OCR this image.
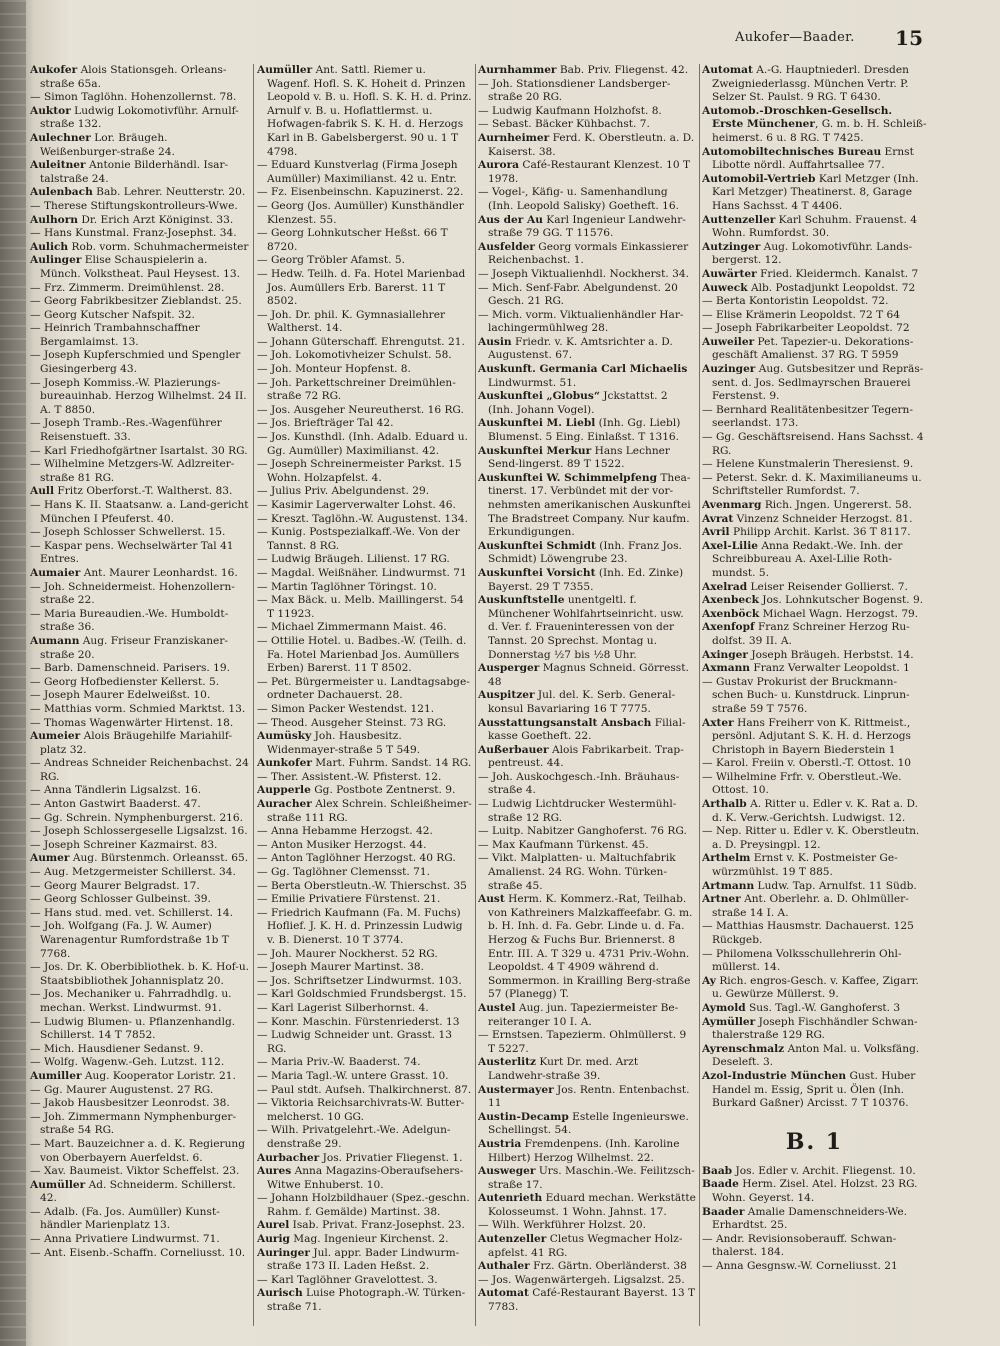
Aukofer—Baader.	15

Aukofer Alois Stationsgeh. Orleans-straße 65a.

— Simon Taglöhn. Hohenzollernst. 78.

Auktor Ludwig Lokomotivführ. Arnulf-straße 132.

Aulechner Lor. Bräugeh. Weißenburger-straße 24.

Auleitner Antonie Bilderhändl. Isar-talstraße 24.

Aulenbach Bab. Lehrer. Neutterstr. 20.

— Therese Stiftungskontrolleurs-Wwe.

Aulhorn Dr. Erich Arzt Königinst. 33.

— Hans Kunstmal. Franz-Josephst. 34.

Aulich Rob. vorm. Schuhmachermeister

Aulinger Elise Schauspielerin a. Münch. Volkstheat. Paul Heysest. 13.

— Frz. Zimmerm. Dreimühlenst. 28.

— Georg Fabrikbesitzer Zieblandst. 25.

— Georg Kutscher Nafspit. 32.

— Heinrich Trambahnschaffner Bergamlaimst. 13.

— Joseph Kupferschmied und Spengler Giesingerberg 43.

— Joseph Kommiss.-W. Plazierungs-bureauinhab. Herzog Wilhelmst. 24 II. A. T 8850.

— Joseph Tramb.-Res.-Wagenführer Reisenstueft. 33.

— Karl Friedhofgärtner Isartalst. 30 RG.

— Wilhelmine Metzgers-W. Adlzreiter-straße 81 RG.

Aull Fritz Oberforst.-T. Waltherst. 83.

— Hans K. II. Staatsanw. a. Land-gericht München I Pfeuferst. 40.

— Joseph Schlosser Schwellerst. 15.

— Kaspar pens. Wechselwärter Tal 41 Entres.

Aumaier Ant. Maurer Leonhardst. 16.

— Joh. Schneidermeist. Hohenzollern-straße 22.

— Maria Bureaudien.-We. Humboldt-straße 36.

Aumann Aug. Friseur Franziskaner-straße 20.

— Barb. Damenschneid. Parisers. 19.

— Georg Hofbedienster Kellerst. 5.

— Joseph Maurer Edelweißst. 10.

— Matthias vorm. Schmied Marktst. 13.

— Thomas Wagenwärter Hirtenst. 18.

Aumeier Alois Bräugehilfe Mariahilf-platz 32.

— Andreas Schneider Reichenbachst. 24 RG.

— Anna Tändlerin Ligsalzst. 16.

— Anton Gastwirt Baaderst. 47.

— Gg. Schrein. Nymphenburgerst. 216.

— Joseph Schlossergeselle Ligsalzst. 16.

— Joseph Schreiner Kazmairst. 83.

Aumer Aug. Bürstenmch. Orleansst. 65.

— Aug. Metzgermeister Schillerst. 34.

— Georg Maurer Belgradst. 17.

— Georg Schlosser Gulbeinst. 39.

— Hans stud. med. vet. Schillerst. 14.

— Joh. Wolfgang (Fa. J. W. Aumer) Warenagentur Rumfordstraße 1b T 7768.

— Jos. Dr. K. Oberbibliothek. b. K. Hof-u. Staatsbibliothek Johannisplatz 20.

— Jos. Mechaniker u. Fahrradhdlg. u. mechan. Werkst. Lindwurmst. 91.

— Ludwig Blumen- u. Pflanzenhandlg. Schillerst. 14 T 7852.

— Mich. Hausdiener Sedanst. 9.

— Wolfg. Wagenw.-Geh. Lutzst. 112.

Aumiller Aug. Kooperator Loristr. 21.

— Gg. Maurer Augustenst. 27 RG.

— Jakob Hausbesitzer Leonrodst. 38.

— Joh. Zimmermann Nymphenburger-straße 54 RG.

— Mart. Bauzeichner a. d. K. Regierung von Oberbayern Auerfeldst. 6.

— Xav. Baumeist. Viktor Scheffelst. 23.

Aumüller Ad. Schneiderm. Schillerst. 42.

— Adalb. (Fa. Jos. Aumüller) Kunst-händler Marienplatz 13.

— Anna Privatiere Lindwurmst. 71.

— Ant. Eisenb.-Schaffn. Corneliusst. 10.

Aumüller Ant. Sattl. Riemer u. Wagenf. Hofl. S. K. Hoheit d. Prinzen Leopold v. B. u. Hofl. S. K. H. d. Prinz. Arnulf v. B. u. Hoflattlermst. u. Hofwagen-fabrik S. K. H. d. Herzogs Karl in B. Gabelsbergerst. 90 u. 1 T 4798.

— Eduard Kunstverlag (Firma Joseph Aumüller) Maximilianst. 42 u. Entr.

— Fz. Eisenbeinschn. Kapuzinerst. 22.

— Georg (Jos. Aumüller) Kunsthändler Klenzest. 55.

— Georg Lohnkutscher Heßst. 66 T 8720.

— Georg Tröbler Afamst. 5.

— Hedw. Teilh. d. Fa. Hotel Marienbad Jos. Aumüllers Erb. Barerst. 11 T 8502.

— Joh. Dr. phil. K. Gymnasiallehrer Waltherst. 14.

— Johann Güterschaff. Ehrengutst. 21.

— Joh. Lokomotivheizer Schulst. 58.

— Joh. Monteur Hopfenst. 8.

— Joh. Parkettschreiner Dreimühlen-straße 72 RG.

— Jos. Ausgeher Neureutherst. 16 RG.

— Jos. Briefträger Tal 42.

— Jos. Kunsthdl. (Inh. Adalb. Eduard u. Gg. Aumüller) Maximilianst. 42.

— Joseph Schreinermeister Parkst. 15 Wohn. Holzapfelst. 4.

— Julius Priv. Abelgundenst. 29.

— Kasimir Lagerverwalter Lohst. 46.

— Kreszt. Taglöhn.-W. Augustenst. 134.

— Kunig. Postspezialkaff.-We. Von der Tannst. 8 RG.

— Ludwig Bräugeh. Lilienst. 17 RG.

— Magdal. Weißnäher. Lindwurmst. 71

— Martin Taglöhner Töringst. 10.

— Max Bäck. u. Melb. Maillingerst. 54 T 11923.

— Michael Zimmermann Maist. 46.

— Ottilie Hotel. u. Badbes.-W. (Teilh. d. Fa. Hotel Marienbad Jos. Aumüllers Erben) Barerst. 11 T 8502.

— Pet. Bürgermeister u. Landtagsabge-ordneter Dachauerst. 28.

— Simon Packer Westendst. 121.

— Theod. Ausgeher Steinst. 73 RG.

Aumüsky Joh. Hausbesitz. Widenmayer-straße 5 T 549.

Aunkofer Mart. Fuhrm. Sandst. 14 RG.

— Ther. Assistent.-W. Pfisterst. 12.

Aupperle Gg. Postbote Zentnerst. 9.

Auracher Alex Schrein. Schleißheimer-straße 111 RG.

— Anna Hebamme Herzogst. 42.

— Anton Musiker Herzogst. 44.

— Anton Taglöhner Herzogst. 40 RG.

— Gg. Taglöhner Clemensst. 71.

— Berta Oberstleutn.-W. Thierschst. 35

— Emilie Privatiere Fürstenst. 21.

— Friedrich Kaufmann (Fa. M. Fuchs) Hoflief. J. K. H. d. Prinzessin Ludwig v. B. Dienerst. 10 T 3774.

— Joh. Maurer Nockherst. 52 RG.

— Joseph Maurer Martinst. 38.

— Jos. Schriftsetzer Lindwurmst. 103.

— Karl Goldschmied Frundsbergst. 15.

— Karl Lagerist Silberhornst. 4.

— Konr. Maschin. Fürstenriederst. 13

— Ludwig Schneider unt. Grasst. 13 RG.

— Maria Priv.-W. Baaderst. 74.

— Maria Tagl.-W. untere Grasst. 10.

— Paul stdt. Aufseh. Thalkirchnerst. 87.

— Viktoria Reichsarchivrats-W. Butter-melcherst. 10 GG.

— Wilh. Privatgelehrt.-We. Adelgun-denstraße 29.

Aurbacher Jos. Privatier Fliegenst. 1.

Aures Anna Magazins-Oberaufsehers-Witwe Enhuberst. 10.

— Johann Holzbildhauer (Spez.-geschn. Rahm. f. Gemälde) Martinst. 38.

Aurel Isab. Privat. Franz-Josephst. 23.

Aurig Mag. Ingenieur Kirchenst. 2.

Auringer Jul. appr. Bader Lindwurm-straße 173 II. Laden Heßst. 2.

— Karl Taglöhner Gravelottest. 3.

Aurisch Luise Photograph.-W. Türken-straße 71.

Aurnhammer Bab. Priv. Fliegenst. 42.

— Joh. Stationsdiener Landsberger-straße 20 RG.

— Ludwig Kaufmann Holzhofst. 8.

— Sebast. Bäcker Kühbachst. 7.

Aurnheimer Ferd. K. Oberstleutn. a. D. Kaiserst. 38.

Aurora Café-Restaurant Klenzest. 10 T 1978.

— Vogel-, Käfig- u. Samenhandlung (Inh. Leopold Salisky) Goetheft. 16.

Aus der Au Karl Ingenieur Landwehr-straße 79 GG. T 11576.

Ausfelder Georg vormals Einkassierer Reichenbachst. 1.

— Joseph Viktualienhdl. Nockherst. 34.

— Mich. Senf-Fabr. Abelgundenst. 20 Gesch. 21 RG.

— Mich. vorm. Viktualienhändler Har-lachingermühlweg 28.

Ausin Friedr. v. K. Amtsrichter a. D. Augustenst. 67.

Auskunft. Germania Carl Michaelis Lindwurmst. 51.

Auskunftei „Globus“ Jckstattst. 2 (Inh. Johann Vogel).

Auskunftei M. Liebl (Inh. Gg. Liebl) Blumenst. 5 Eing. Einlaßst. T 1316.

Auskunftei Merkur Hans Lechner Send-lingerst. 89 T 1522.

Auskunftei W. Schimmelpfeng Thea-tinerst. 17. Verbündet mit der vor-nehmsten amerikanischen Auskunftei The Bradstreet Company. Nur kaufm. Erkundigungen.

Auskunftei Schmidt (Inh. Franz Jos. Schmidt) Löwengrube 23.

Auskunftei Vorsicht (Inh. Ed. Zinke) Bayerst. 29 T 7355.

Auskunftstelle unentgeltl. f. Münchener Wohlfahrtseinricht. usw. d. Ver. f. Fraueninteressen von der Tannst. 20 Sprechst. Montag u. Donnerstag ½7 bis ½8 Uhr.

Ausperger Magnus Schneid. Görresst. 48

Auspitzer Jul. del. K. Serb. General-konsul Bavariaring 16 T 7775.

Ausstattungsanstalt Ansbach Filial-kasse Goetheft. 22.

Außerbauer Alois Fabrikarbeit. Trap-pentreust. 44.

— Joh. Auskochgesch.-Inh. Bräuhaus-straße 4.

— Ludwig Lichtdrucker Westermühl-straße 12 RG.

— Luitp. Nabitzer Ganghoferst. 76 RG.

— Max Kaufmann Türkenst. 45.

— Vikt. Malplatten- u. Maltuchfabrik Amalienst. 24 RG. Wohn. Türken-straße 45.

Aust Herm. K. Kommerz.-Rat, Teilhab. von Kathreiners Malzkaffeefabr. G. m. b. H. Inh. d. Fa. Gebr. Linde u. d. Fa. Herzog & Fuchs Bur. Briennerst. 8 Entr. III. A. T 329 u. 4731 Priv.-Wohn. Leopoldst. 4 T 4909 während d. Sommermon. in Krailling Berg-straße 57 (Planegg) T.

Austel Aug. jun. Tapeziermeister Be-reiteranger 10 I. A.

— Ernstsen. Tapezierm. Ohlmüllerst. 9 T 5227.

Austerlitz Kurt Dr. med. Arzt Landwehr-straße 39.

Austermayer Jos. Rentn. Entenbachst. 11

Austin-Decamp Estelle Ingenieurswe. Schellingst. 54.

Austria Fremdenpens. (Inh. Karoline Hilbert) Herzog Wilhelmst. 22.

Ausweger Urs. Maschin.-We. Feilitzsch-straße 17.

Autenrieth Eduard mechan. Werkstätte Kolosseumst. 1 Wohn. Jahnst. 17.

— Wilh. Werkführer Holzst. 20.

Autenzeller Cletus Wegmacher Holz-apfelst. 41 RG.

Authaler Frz. Gärtn. Oberländerst. 38

— Jos. Wagenwärtergeh. Ligsalzst. 25.

Automat Café-Restaurant Bayerst. 13 T 7783.

Automat A.-G. Hauptniederl. Dresden Zweigniederlassg. München Vertr. P. Selzer St. Paulst. 9 RG. T 6430.

Automob.-Droschken-Gesellsch. Erste Münchener, G. m. b. H. Schleiß-heimerst. 6 u. 8 RG. T 7425.

Automobiltechnisches Bureau Ernst Libotte nördl. Auffahrtsallee 77.

Automobil-Vertrieb Karl Metzger (Inh. Karl Metzger) Theatinerst. 8, Garage Hans Sachsst. 4 T 4406.

Auttenzeller Karl Schuhm. Frauenst. 4 Wohn. Rumfordst. 30.

Autzinger Aug. Lokomotivführ. Lands-bergerst. 12.

Auwärter Fried. Kleidermch. Kanalst. 7

Auweck Alb. Postadjunkt Leopoldst. 72

— Berta Kontoristin Leopoldst. 72.

— Elise Krämerin Leopoldst. 72 T 64

— Joseph Fabrikarbeiter Leopoldst. 72

Auweiler Pet. Tapezier-u. Dekorations-geschäft Amalienst. 37 RG. T 5959

Auzinger Aug. Gutsbesitzer und Repräs-sent. d. Jos. Sedlmayrschen Brauerei Ferstenst. 9.

— Bernhard Realitätenbesitzer Tegern-seerlandst. 173.

— Gg. Geschäftsreisend. Hans Sachsst. 4 RG.

— Helene Kunstmalerin Theresienst. 9.

— Peterst. Sekr. d. K. Maximilianeums u. Schriftsteller Rumfordst. 7.

Avenmarg Rich. Jngen. Ungererst. 58.

Avrat Vinzenz Schneider Herzogst. 81.

Avril Philipp Archit. Karlst. 36 T 8117.

Axel-Lilie Anna Redakt.-We. Inh. der Schreibbureau A. Axel-Lilie Roth-mundst. 5.

Axelrad Leiser Reisender Gollierst. 7.

Axenbeck Jos. Lohnkutscher Bogenst. 9.

Axenböck Michael Wagn. Herzogst. 79.

Axenfopf Franz Schreiner Herzog Ru-dolfst. 39 II. A.

Axinger Joseph Bräugeh. Herbstst. 14.

Axmann Franz Verwalter Leopoldst. 1

— Gustav Prokurist der Bruckmann-schen Buch- u. Kunstdruck. Linprun-straße 59 T 7576.

Axter Hans Freiherr von K. Rittmeist., persönl. Adjutant S. K. H. d. Herzogs Christoph in Bayern Biederstein 1

— Karol. Freiin v. Oberstl.-T. Ottost. 10

— Wilhelmine Frfr. v. Oberstleut.-We. Ottost. 10.

Arthalb A. Ritter u. Edler v. K. Rat a. D. d. K. Verw.-Gerichtsh. Ludwigst. 12.

— Nep. Ritter u. Edler v. K. Oberstleutn. a. D. Preysingpl. 12.

Arthelm Ernst v. K. Postmeister Ge-würzmühlst. 19 T 885.

Artmann Ludw. Tap. Arnulfst. 11 Südb.

Artner Ant. Oberlehr. a. D. Ohlmüller-straße 14 I. A.

— Matthias Hausmstr. Dachauerst. 125 Rückgeb.

— Philomena Volksschullehrerin Ohl-müllerst. 14.

Ay Rich. engros-Gesch. v. Kaffee, Zigarr. u. Gewürze Müllerst. 9.

Aymold Sus. Tagl.-W. Ganghoferst. 3

Aymüller Joseph Fischhändler Schwan-thalerstraße 129 RG.

Ayrenschmalz Anton Mal. u. Volksfäng. Deseleft. 3.

Azol-Industrie München Gust. Huber Handel m. Essig, Sprit u. Ölen (Inh. Burkard Gaßner) Arcisst. 7 T 10376.

B. 1

Baab Jos. Edler v. Archit. Fliegenst. 10.

Baade Herm. Zisel. Atel. Holzst. 23 RG. Wohn. Geyerst. 14.

Baader Amalie Damenschneiders-We. Erhardtst. 25.

— Andr. Revisionsoberauff. Schwan-thalerst. 184.

— Anna Gesgnsw.-W. Corneliusst. 21
